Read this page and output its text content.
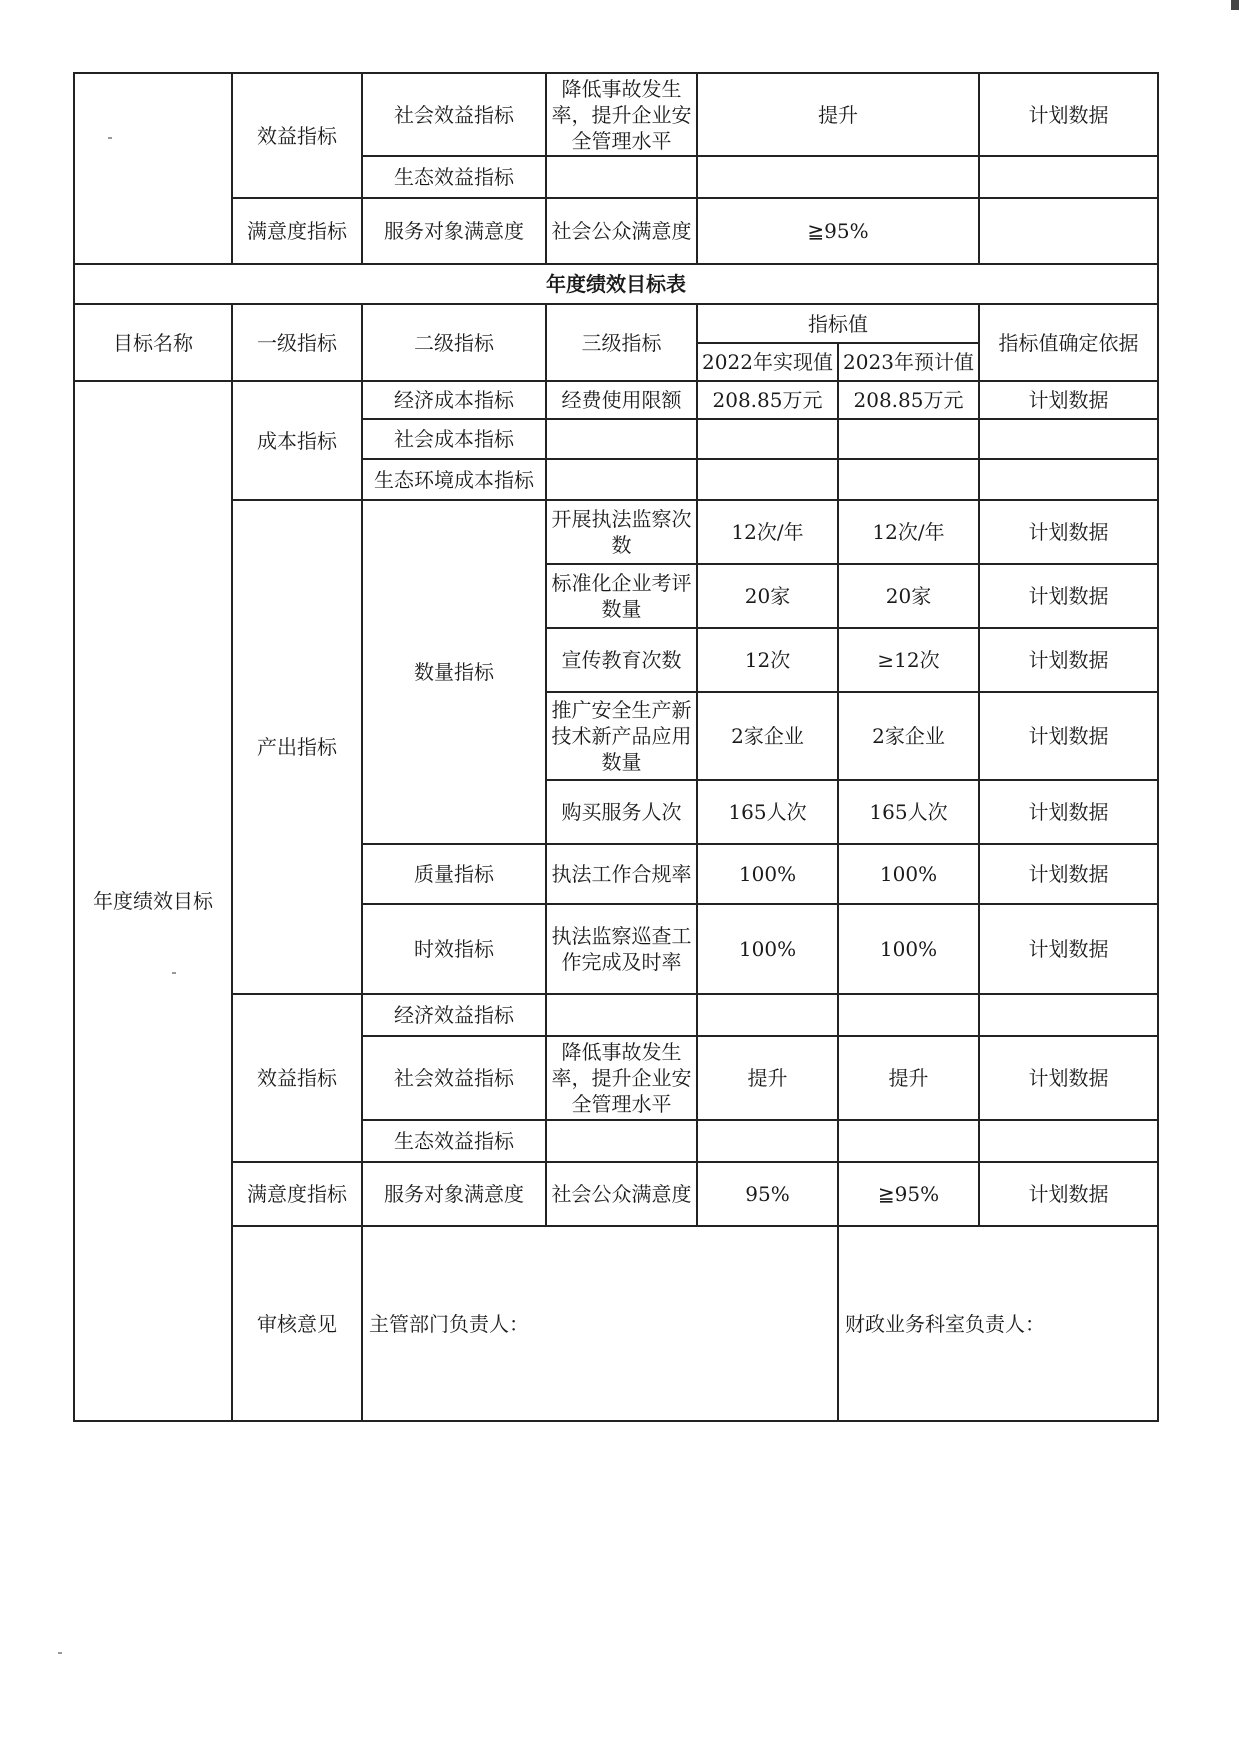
	效益指标	社会效益指标	降低事故发生率，提升企业安全管理水平	提升		计划数据
		生态效益指标				
	满意度指标	服务对象满意度	社会公众满意度	≧95%		
年度绩效目标表						
目标名称	一级指标	二级指标	三级指标	指标值		指标值确定依据
				2022年实现值	2023年预计值	
年度绩效目标	成本指标	经济成本指标	经费使用限额	208.85万元	208.85万元	计划数据
		社会成本指标				
		生态环境成本指标				
	产出指标	数量指标	开展执法监察次数	12次/年	12次/年	计划数据
			标准化企业考评数量	20家	20家	计划数据
			宣传教育次数	12次	≥12次	计划数据
			推广安全生产新技术新产品应用数量	2家企业	2家企业	计划数据
			购买服务人次	165人次	165人次	计划数据
		质量指标	执法工作合规率	100%	100%	计划数据
		时效指标	执法监察巡查工作完成及时率	100%	100%	计划数据
	效益指标	经济效益指标				
		社会效益指标	降低事故发生率，提升企业安全管理水平	提升	提升	计划数据
		生态效益指标				
	满意度指标	服务对象满意度	社会公众满意度	95%	≧95%	计划数据
	审核意见	主管部门负责人：			财政业务科室负责人：	
